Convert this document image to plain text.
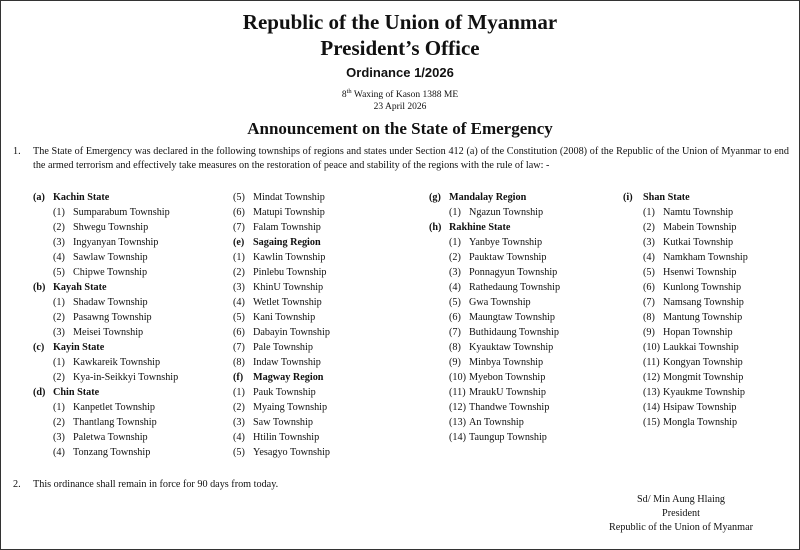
Republic of the Union of Myanmar
President’s Office
Ordinance 1/2026
8th Waxing of Kason 1388 ME
23 April 2026
Announcement on the State of Emergency
1. The State of Emergency was declared in the following townships of regions and states under Section 412 (a) of the Constitution (2008) of the Republic of the Union of Myanmar to end the armed terrorism and effectively take measures on the restoration of peace and stability of the regions with the rule of law: -
(a) Kachin State
(1) Sumparabum Township
(2) Shwegu Township
(3) Ingyanyan Township
(4) Sawlaw Township
(5) Chipwe Township
(b) Kayah State
(1) Shadaw Township
(2) Pasawng Township
(3) Meisei Township
(c) Kayin State
(1) Kawkareik Township
(2) Kya-in-Seikkyi Township
(d) Chin State
(1) Kanpetlet Township
(2) Thantlang Township
(3) Paletwa Township
(4) Tonzang Township
(5) Mindat Township
(6) Matupi Township
(7) Falam Township
(e) Sagaing Region
(1) Kawlin Township
(2) Pinlebu Township
(3) KhinU Township
(4) Wetlet Township
(5) Kani Township
(6) Dabayin Township
(7) Pale Township
(8) Indaw Township
(f) Magway Region
(1) Pauk Township
(2) Myaing Township
(3) Saw Township
(4) Htilin Township
(5) Yesagyo Township
(g) Mandalay Region
(1) Ngazun Township
(h) Rakhine State
(1) Yanbye Township
(2) Pauktaw Township
(3) Ponnagyun Township
(4) Rathedaung Township
(5) Gwa Township
(6) Maungtaw Township
(7) Buthidaung Township
(8) Kyauktaw Township
(9) Minbya Township
(10) Myebon Township
(11) MraukU Township
(12) Thandwe Township
(13) An Township
(14) Taungup Township
(i) Shan State
(1) Namtu Township
(2) Mabein Township
(3) Kutkai Township
(4) Namkham Township
(5) Hsenwi Township
(6) Kunlong Township
(7) Namsang Township
(8) Mantung Township
(9) Hopan Township
(10) Laukkai Township
(11) Kongyan Township
(12) Mongmit Township
(13) Kyaukme Township
(14) Hsipaw Township
(15) Mongla Township
2. This ordinance shall remain in force for 90 days from today.
Sd/ Min Aung Hlaing
President
Republic of the Union of Myanmar
